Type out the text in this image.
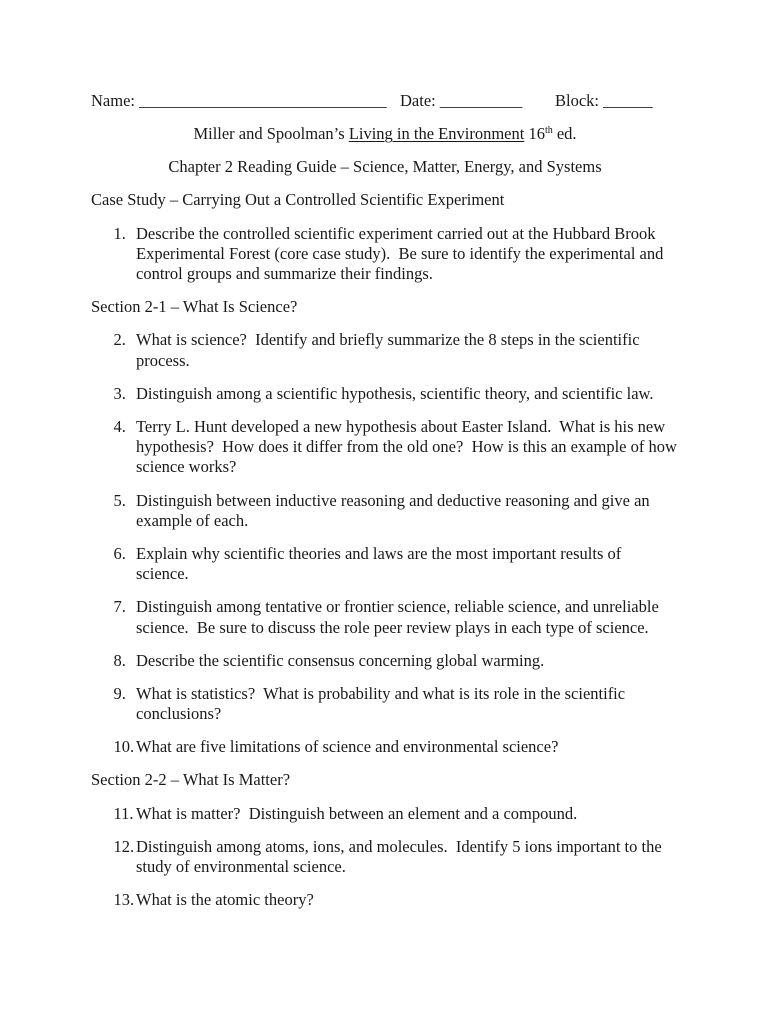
Name: ______________________________ Date: __________ Block: ______
Miller and Spoolman’s Living in the Environment 16th ed.
Chapter 2 Reading Guide – Science, Matter, Energy, and Systems
Case Study – Carrying Out a Controlled Scientific Experiment
1. Describe the controlled scientific experiment carried out at the Hubbard Brook
Experimental Forest (core case study).  Be sure to identify the experimental and
control groups and summarize their findings.
Section 2-1 – What Is Science?
2. What is science?  Identify and briefly summarize the 8 steps in the scientific
process.
3. Distinguish among a scientific hypothesis, scientific theory, and scientific law.
4. Terry L. Hunt developed a new hypothesis about Easter Island.  What is his new
hypothesis?  How does it differ from the old one?  How is this an example of how
science works?
5. Distinguish between inductive reasoning and deductive reasoning and give an
example of each.
6. Explain why scientific theories and laws are the most important results of
science.
7. Distinguish among tentative or frontier science, reliable science, and unreliable
science.  Be sure to discuss the role peer review plays in each type of science.
8. Describe the scientific consensus concerning global warming.
9. What is statistics?  What is probability and what is its role in the scientific
conclusions?
10. What are five limitations of science and environmental science?
Section 2-2 – What Is Matter?
11. What is matter?  Distinguish between an element and a compound.
12. Distinguish among atoms, ions, and molecules.  Identify 5 ions important to the
study of environmental science.
13. What is the atomic theory?
